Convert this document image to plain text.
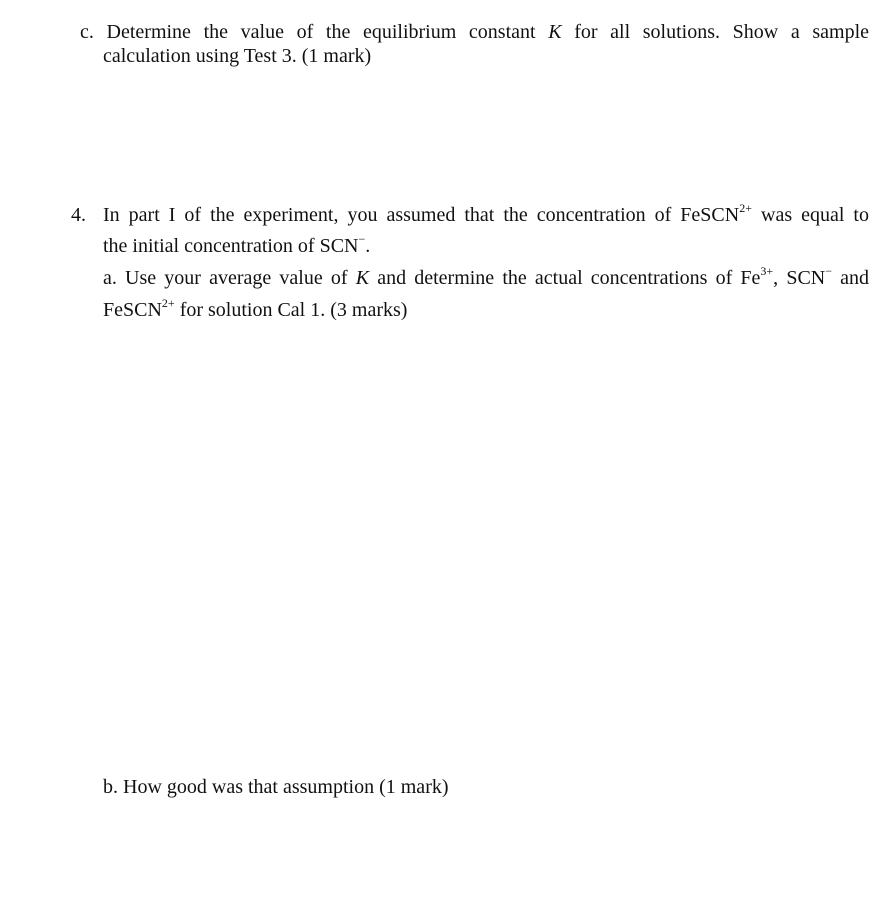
c. Determine the value of the equilibrium constant K for all solutions. Show a sample
calculation using Test 3. (1 mark)
4. In part I of the experiment, you assumed that the concentration of FeSCN$^{2+}$ was equal to
the initial concentration of SCN−.
a. Use your average value of K and determine the actual concentrations of $Fe^{3+}$, SCN− and
FeSCN$^{2+}$ for solution Cal 1. (3 marks)
b. How good was that assumption (1 mark)
